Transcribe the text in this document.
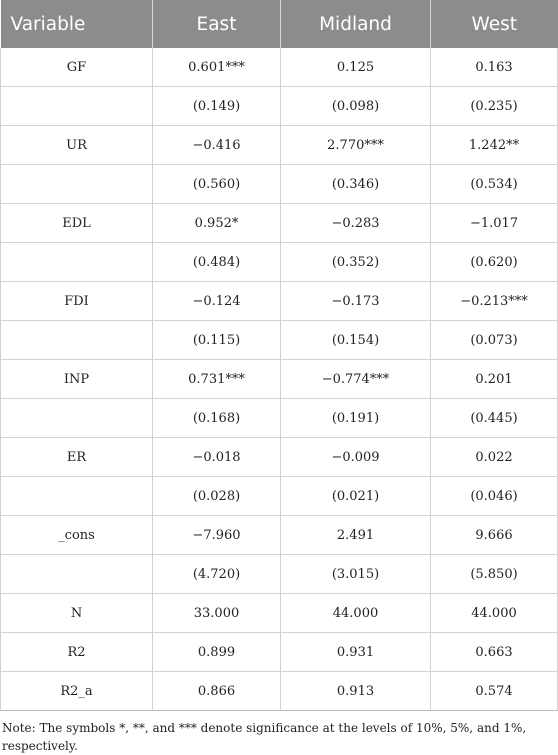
Variable	East	Midland	West
GF	0.601***	0.125	0.163
	(0.149)	(0.098)	(0.235)
UR	−0.416	2.770***	1.242**
	(0.560)	(0.346)	(0.534)
EDL	0.952*	−0.283	−1.017
	(0.484)	(0.352)	(0.620)
FDI	−0.124	−0.173	−0.213***
	(0.115)	(0.154)	(0.073)
INP	0.731***	−0.774***	0.201
	(0.168)	(0.191)	(0.445)
ER	−0.018	−0.009	0.022
	(0.028)	(0.021)	(0.046)
_cons	−7.960	2.491	9.666
	(4.720)	(3.015)	(5.850)
N	33.000	44.000	44.000
R2	0.899	0.931	0.663
R2_a	0.866	0.913	0.574
Note: The symbols *, **, and *** denote significance at the levels of 10%, 5%, and 1%, respectively.
